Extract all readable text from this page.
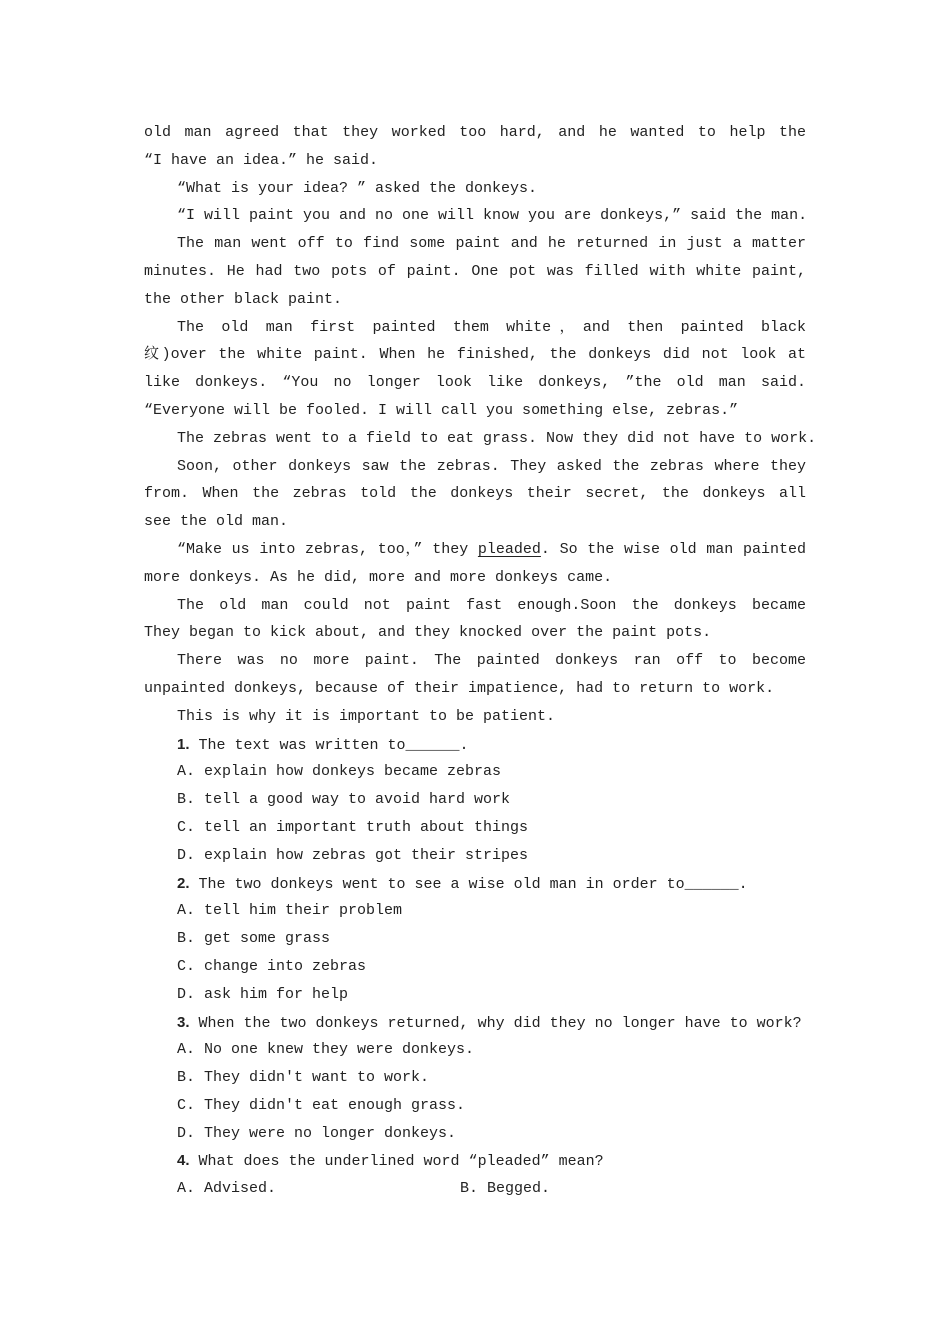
old man agreed that they worked too hard, and he wanted to help the
“I have an idea.” he said.
“What is your idea? ” asked the donkeys.
“I will paint you and no one will know you are donkeys,” said the man.
The man went off to find some paint and he returned in just a matter
minutes. He had two pots of paint. One pot was filled with white paint,
the other black paint.
The old man first painted them white，and then painted black
纹)over the white paint. When he finished, the donkeys did not look at
like donkeys. “You no longer look like donkeys, ”the old man said.
“Everyone will be fooled. I will call you something else, zebras.”
The zebras went to a field to eat grass. Now they did not have to work.
Soon, other donkeys saw the zebras. They asked the zebras where they
from. When the zebras told the donkeys their secret, the donkeys all
see the old man.
“Make us into zebras, too，” they pleaded. So the wise old man painted
more donkeys. As he did, more and more donkeys came.
The old man could not paint fast enough.Soon the donkeys became
They began to kick about, and they knocked over the paint pots.
There was no more paint. The painted donkeys ran off to become
unpainted donkeys, because of their impatience, had to return to work.
This is why it is important to be patient.
1. The text was written to______.
A. explain how donkeys became zebras
B. tell a good way to avoid hard work
C. tell an important truth about things
D. explain how zebras got their stripes
2. The two donkeys went to see a wise old man in order to______.
A. tell him their problem
B. get some grass
C. change into zebras
D. ask him for help
3. When the two donkeys returned, why did they no longer have to work?
A. No one knew they were donkeys.
B. They didn't want to work.
C. They didn't eat enough grass.
D. They were no longer donkeys.
4. What does the underlined word “pleaded” mean?
A. Advised.	B. Begged.
